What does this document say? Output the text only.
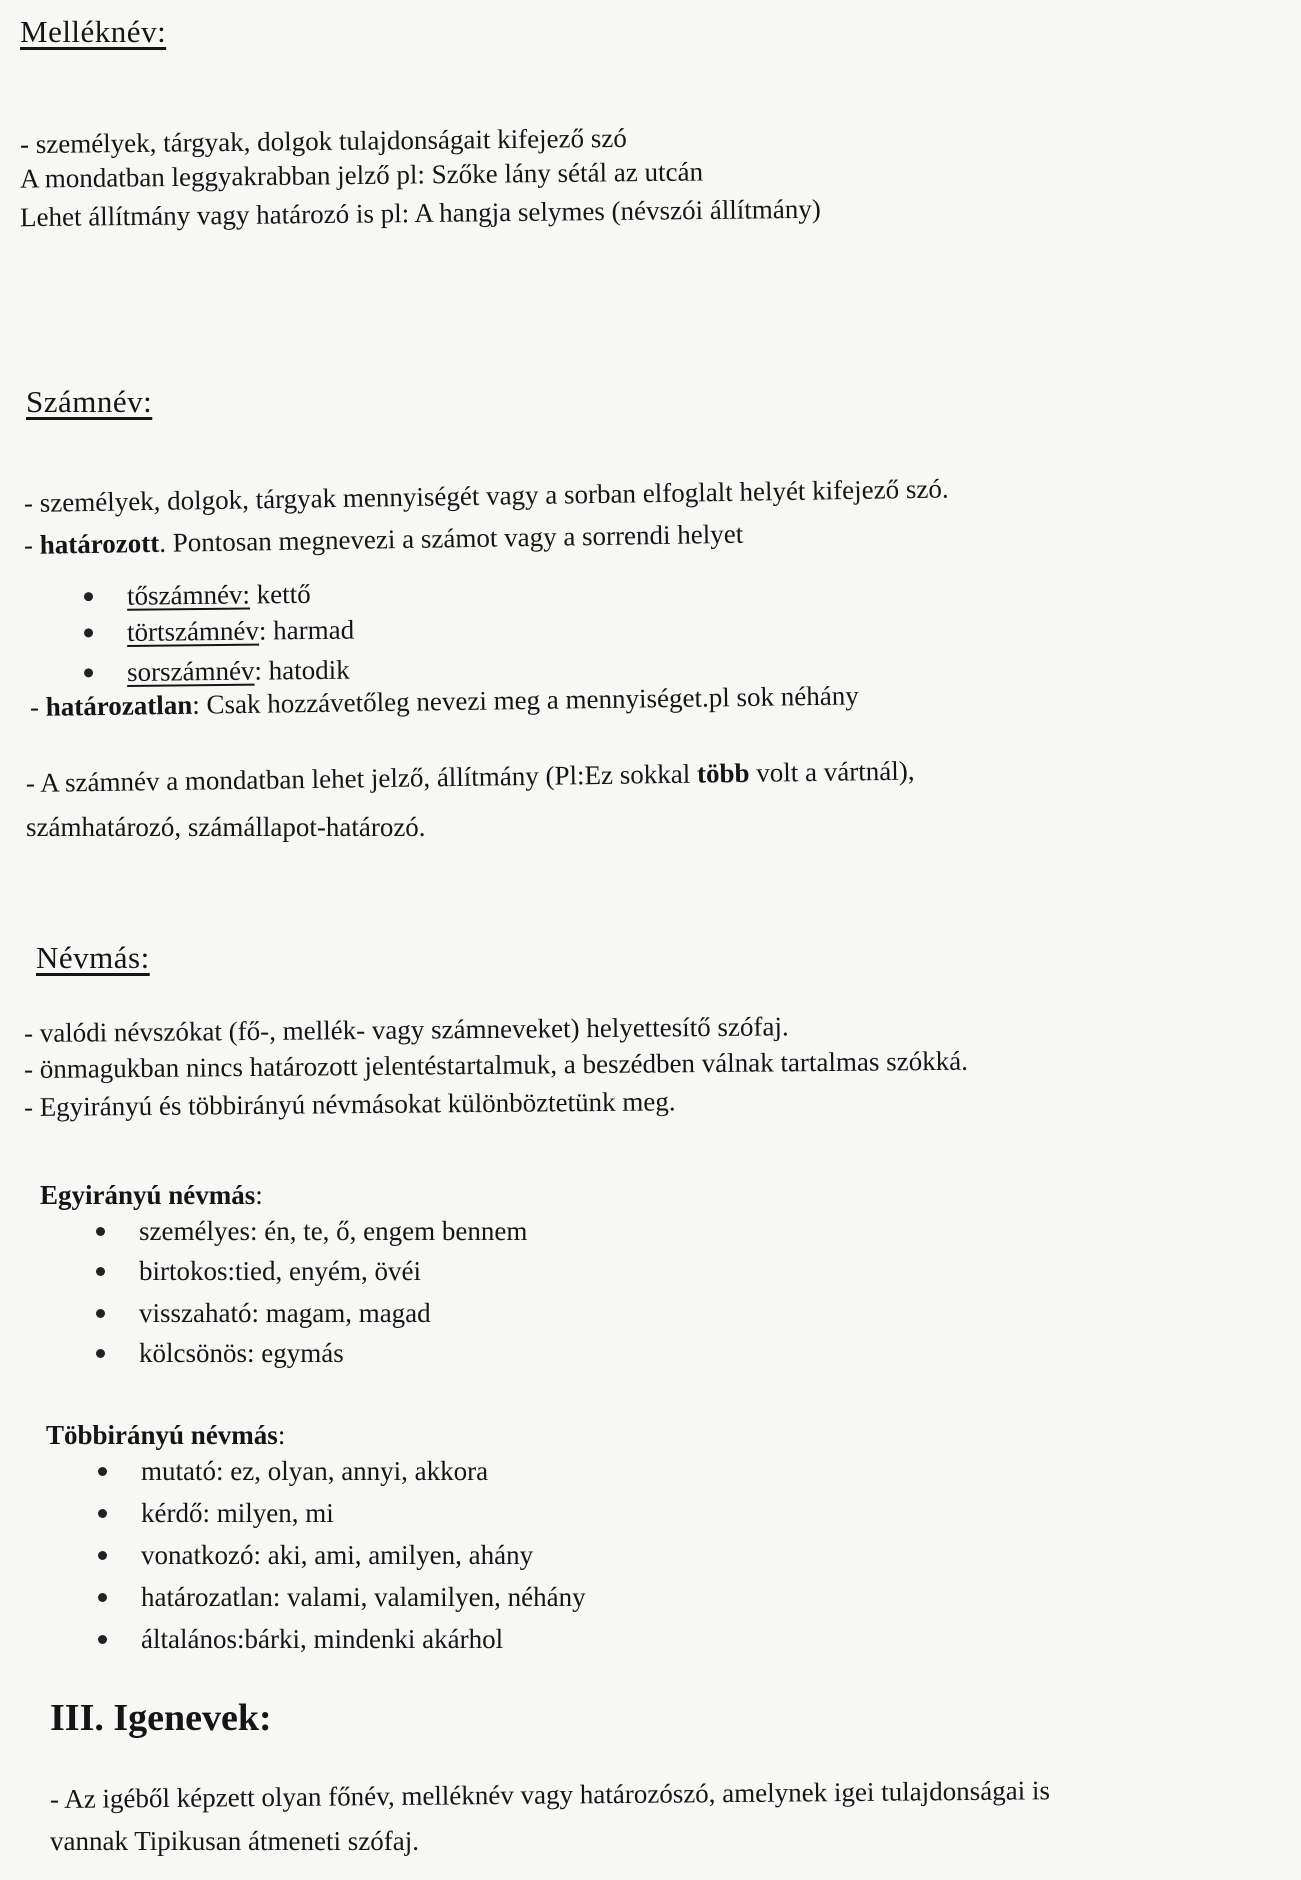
Melléknév:
- személyek, tárgyak, dolgok tulajdonságait kifejező szó
A mondatban leggyakrabban jelző pl: Szőke lány sétál az utcán
Lehet állítmány vagy határozó is pl: A hangja selymes (névszói állítmány)
Számnév:
- személyek, dolgok, tárgyak mennyiségét vagy a sorban elfoglalt helyét kifejező szó.
- határozott. Pontosan megnevezi a számot vagy a sorrendi helyet
tőszámnév: kettő
törtszámnév: harmad
sorszámnév: hatodik
- határozatlan: Csak hozzávetőleg nevezi meg a mennyiséget.pl sok néhány
- A számnév a mondatban lehet jelző, állítmány (Pl:Ez sokkal több volt a vártnál),
számhatározó, számállapot-határozó.
Névmás:
- valódi névszókat (fő-, mellék- vagy számneveket) helyettesítő szófaj.
- önmagukban nincs határozott jelentéstartalmuk, a beszédben válnak tartalmas szókká.
- Egyirányú és többirányú névmásokat különböztetünk meg.
Egyirányú névmás:
személyes: én, te, ő, engem bennem
birtokos:tied, enyém, övéi
visszaható: magam, magad
kölcsönös: egymás
Többirányú névmás:
mutató: ez, olyan, annyi, akkora
kérdő: milyen, mi
vonatkozó: aki, ami, amilyen, ahány
határozatlan: valami, valamilyen, néhány
általános:bárki, mindenki akárhol
III. Igenevek:
- Az igéből képzett olyan főnév, melléknév vagy határozószó, amelynek igei tulajdonságai is
vannak Tipikusan átmeneti szófaj.
